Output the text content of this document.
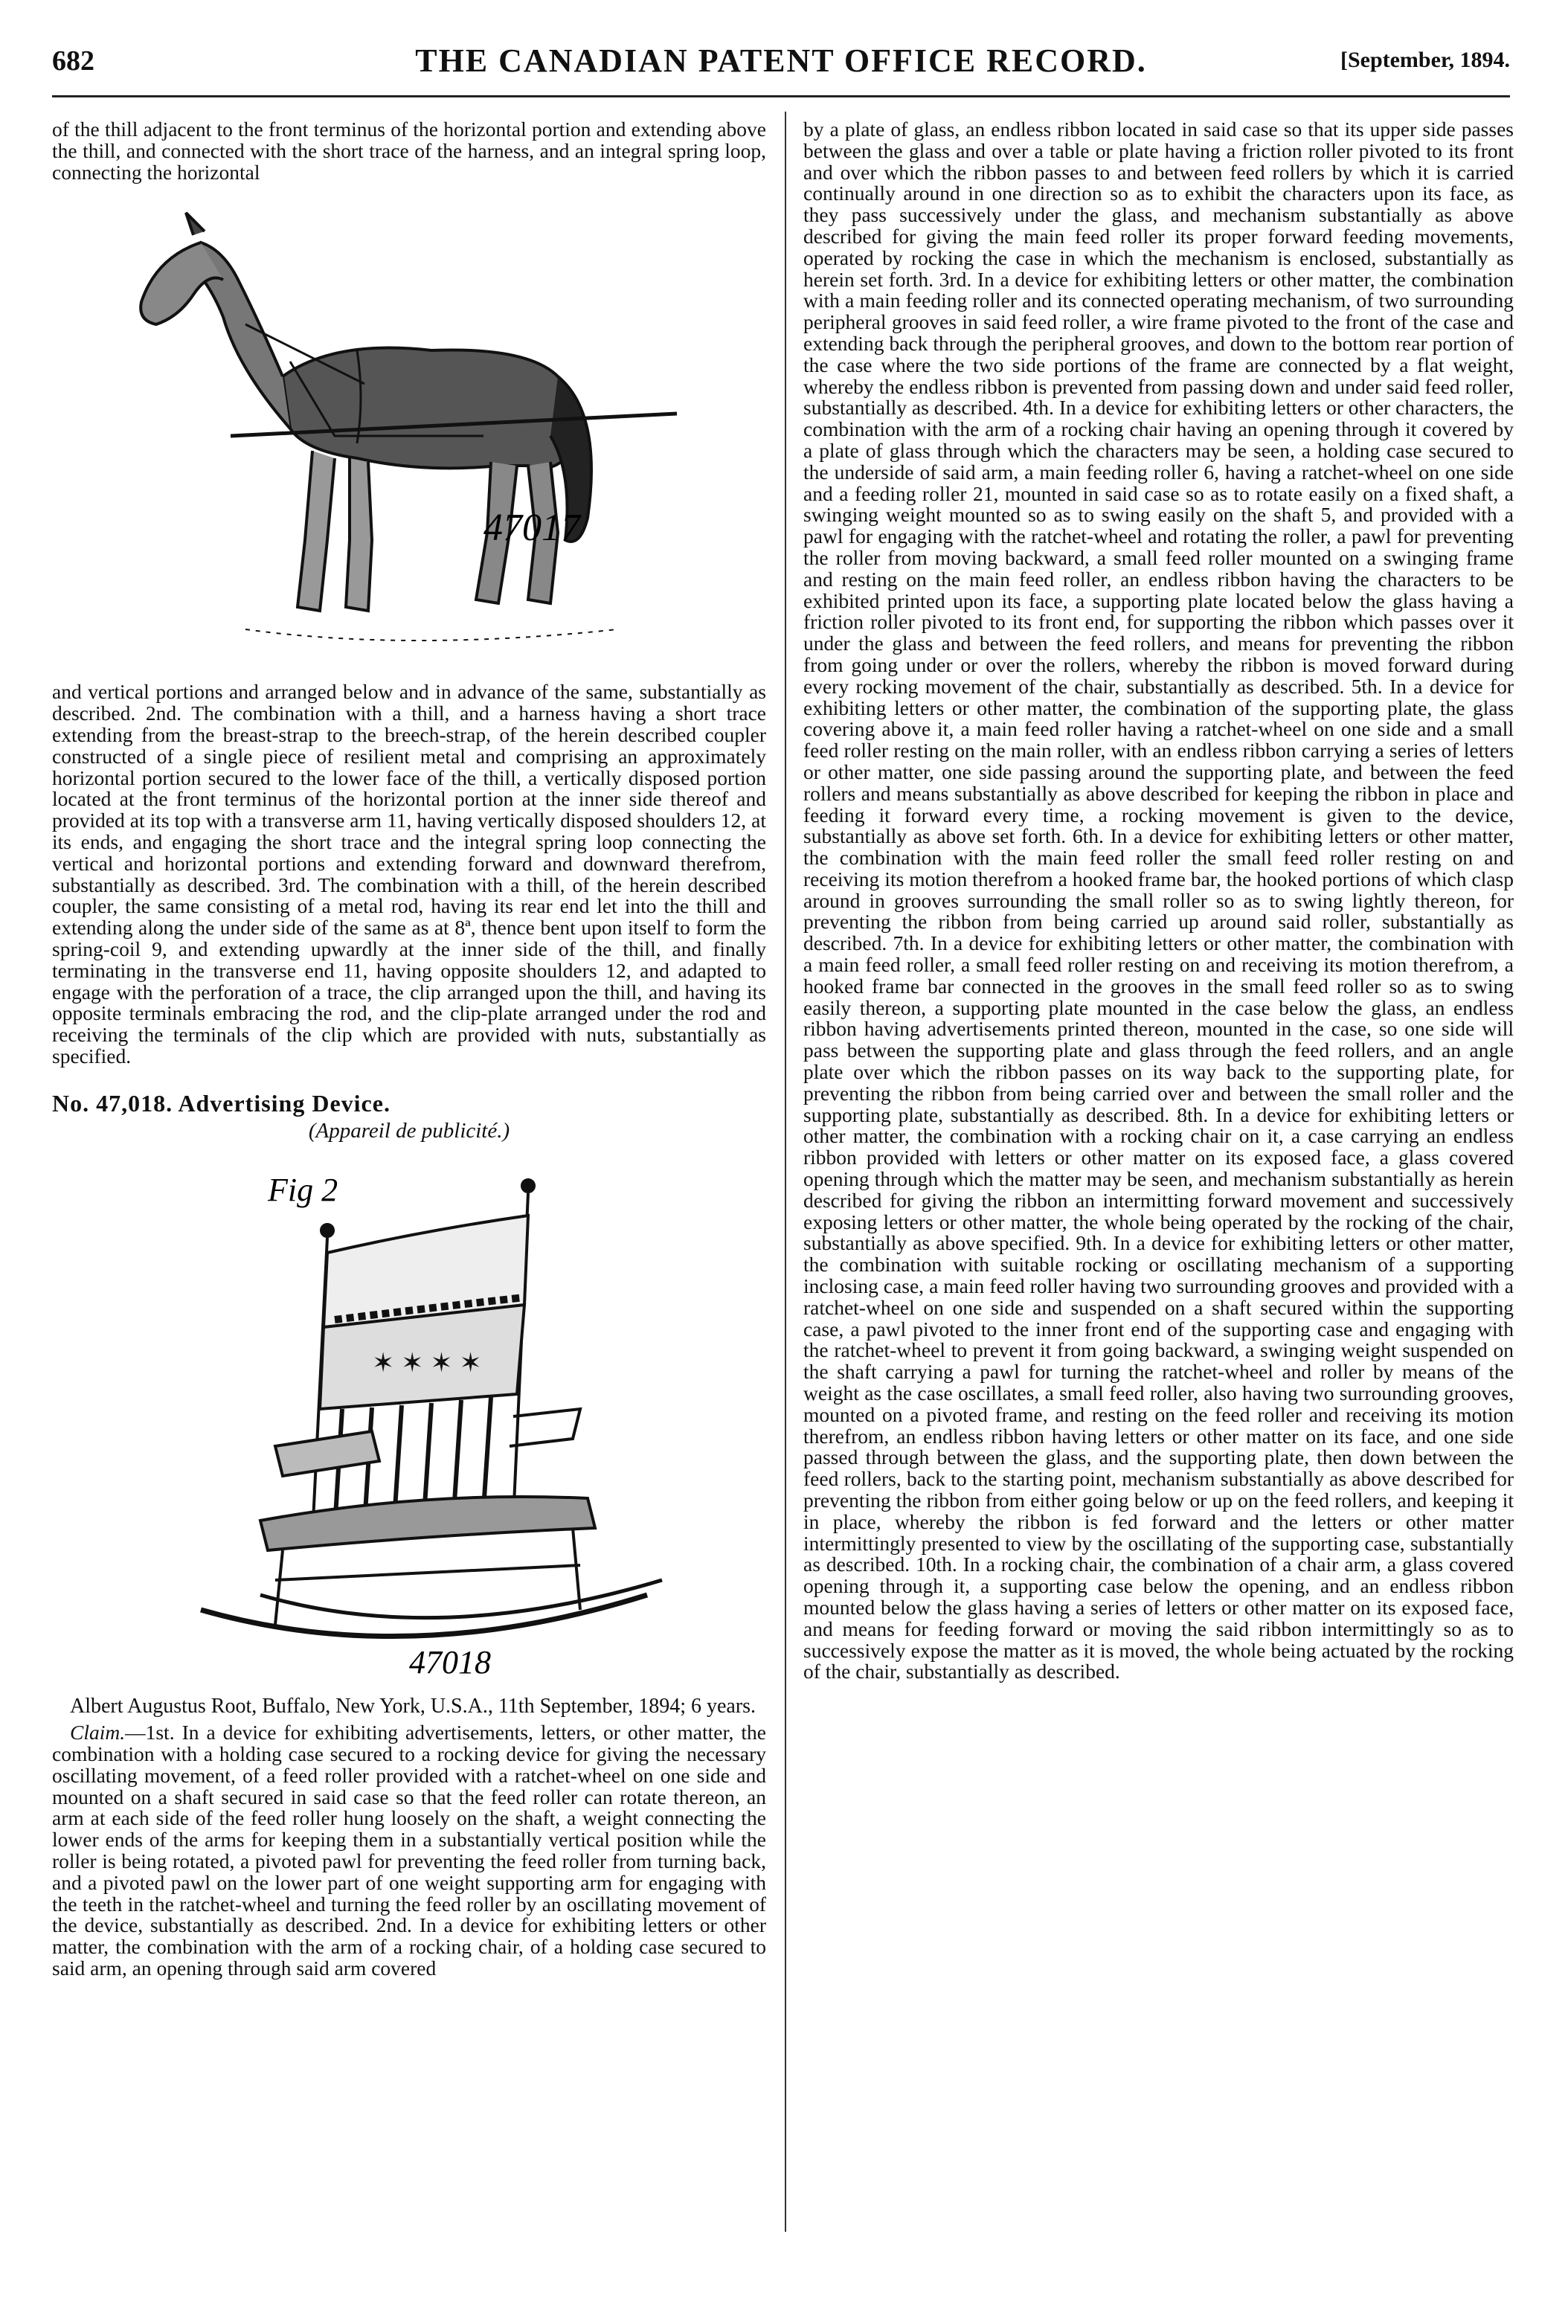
682	THE CANADIAN PATENT OFFICE RECORD.	[September, 1894.

of the thill adjacent to the front terminus of the horizontal portion and extending above the thill, and connected with the short trace of the harness, and an integral spring loop, connecting the horizontal

47017

and vertical portions and arranged below and in advance of the same, substantially as described. 2nd. The combination with a thill, and a harness having a short trace extending from the breast-strap to the breech-strap, of the herein described coupler constructed of a single piece of resilient metal and comprising an approximately horizontal portion secured to the lower face of the thill, a vertically disposed portion located at the front terminus of the horizontal portion at the inner side thereof and provided at its top with a transverse arm 11, having vertically disposed shoulders 12, at its ends, and engaging the short trace and the integral spring loop connecting the vertical and horizontal portions and extending forward and downward therefrom, substantially as described. 3rd. The combination with a thill, of the herein described coupler, the same consisting of a metal rod, having its rear end let into the thill and extending along the under side of the same as at 8ª, thence bent upon itself to form the spring-coil 9, and extending upwardly at the inner side of the thill, and finally terminating in the transverse end 11, having opposite shoulders 12, and adapted to engage with the perforation of a trace, the clip arranged upon the thill, and having its opposite terminals embracing the rod, and the clip-plate arranged under the rod and receiving the terminals of the clip which are provided with nuts, substantially as specified.

No. 47,018. Advertising Device.
(Appareil de publicité.)
Fig 2
✶ ✶ ✶ ✶
47018

Albert Augustus Root, Buffalo, New York, U.S.A., 11th September, 1894; 6 years.

Claim.—1st. In a device for exhibiting advertisements, letters, or other matter, the combination with a holding case secured to a rocking device for giving the necessary oscillating movement, of a feed roller provided with a ratchet-wheel on one side and mounted on a shaft secured in said case so that the feed roller can rotate thereon, an arm at each side of the feed roller hung loosely on the shaft, a weight connecting the lower ends of the arms for keeping them in a substantially vertical position while the roller is being rotated, a pivoted pawl for preventing the feed roller from turning back, and a pivoted pawl on the lower part of one weight supporting arm for engaging with the teeth in the ratchet-wheel and turning the feed roller by an oscillating movement of the device, substantially as described. 2nd. In a device for exhibiting letters or other matter, the combination with the arm of a rocking chair, of a holding case secured to said arm, an opening through said arm covered

by a plate of glass, an endless ribbon located in said case so that its upper side passes between the glass and over a table or plate having a friction roller pivoted to its front and over which the ribbon passes to and between feed rollers by which it is carried continually around in one direction so as to exhibit the characters upon its face, as they pass successively under the glass, and mechanism substantially as above described for giving the main feed roller its proper forward feeding movements, operated by rocking the case in which the mechanism is enclosed, substantially as herein set forth. 3rd. In a device for exhibiting letters or other matter, the combination with a main feeding roller and its connected operating mechanism, of two surrounding peripheral grooves in said feed roller, a wire frame pivoted to the front of the case and extending back through the peripheral grooves, and down to the bottom rear portion of the case where the two side portions of the frame are connected by a flat weight, whereby the endless ribbon is prevented from passing down and under said feed roller, substantially as described. 4th. In a device for exhibiting letters or other characters, the combination with the arm of a rocking chair having an opening through it covered by a plate of glass through which the characters may be seen, a holding case secured to the underside of said arm, a main feeding roller 6, having a ratchet-wheel on one side and a feeding roller 21, mounted in said case so as to rotate easily on a fixed shaft, a swinging weight mounted so as to swing easily on the shaft 5, and provided with a pawl for engaging with the ratchet-wheel and rotating the roller, a pawl for preventing the roller from moving backward, a small feed roller mounted on a swinging frame and resting on the main feed roller, an endless ribbon having the characters to be exhibited printed upon its face, a supporting plate located below the glass having a friction roller pivoted to its front end, for supporting the ribbon which passes over it under the glass and between the feed rollers, and means for preventing the ribbon from going under or over the rollers, whereby the ribbon is moved forward during every rocking movement of the chair, substantially as described. 5th. In a device for exhibiting letters or other matter, the combination of the supporting plate, the glass covering above it, a main feed roller having a ratchet-wheel on one side and a small feed roller resting on the main roller, with an endless ribbon carrying a series of letters or other matter, one side passing around the supporting plate, and between the feed rollers and means substantially as above described for keeping the ribbon in place and feeding it forward every time, a rocking movement is given to the device, substantially as above set forth. 6th. In a device for exhibiting letters or other matter, the combination with the main feed roller the small feed roller resting on and receiving its motion therefrom a hooked frame bar, the hooked portions of which clasp around in grooves surrounding the small roller so as to swing lightly thereon, for preventing the ribbon from being carried up around said roller, substantially as described. 7th. In a device for exhibiting letters or other matter, the combination with a main feed roller, a small feed roller resting on and receiving its motion therefrom, a hooked frame bar connected in the grooves in the small feed roller so as to swing easily thereon, a supporting plate mounted in the case below the glass, an endless ribbon having advertisements printed thereon, mounted in the case, so one side will pass between the supporting plate and glass through the feed rollers, and an angle plate over which the ribbon passes on its way back to the supporting plate, for preventing the ribbon from being carried over and between the small roller and the supporting plate, substantially as described. 8th. In a device for exhibiting letters or other matter, the combination with a rocking chair on it, a case carrying an endless ribbon provided with letters or other matter on its exposed face, a glass covered opening through which the matter may be seen, and mechanism substantially as herein described for giving the ribbon an intermitting forward movement and successively exposing letters or other matter, the whole being operated by the rocking of the chair, substantially as above specified. 9th. In a device for exhibiting letters or other matter, the combination with suitable rocking or oscillating mechanism of a supporting inclosing case, a main feed roller having two surrounding grooves and provided with a ratchet-wheel on one side and suspended on a shaft secured within the supporting case, a pawl pivoted to the inner front end of the supporting case and engaging with the ratchet-wheel to prevent it from going backward, a swinging weight suspended on the shaft carrying a pawl for turning the ratchet-wheel and roller by means of the weight as the case oscillates, a small feed roller, also having two surrounding grooves, mounted on a pivoted frame, and resting on the feed roller and receiving its motion therefrom, an endless ribbon having letters or other matter on its face, and one side passed through between the glass, and the supporting plate, then down between the feed rollers, back to the starting point, mechanism substantially as above described for preventing the ribbon from either going below or up on the feed rollers, and keeping it in place, whereby the ribbon is fed forward and the letters or other matter intermittingly presented to view by the oscillating of the supporting case, substantially as described. 10th. In a rocking chair, the combination of a chair arm, a glass covered opening through it, a supporting case below the opening, and an endless ribbon mounted below the glass having a series of letters or other matter on its exposed face, and means for feeding forward or moving the said ribbon intermittingly so as to successively expose the matter as it is moved, the whole being actuated by the rocking of the chair, substantially as described.
